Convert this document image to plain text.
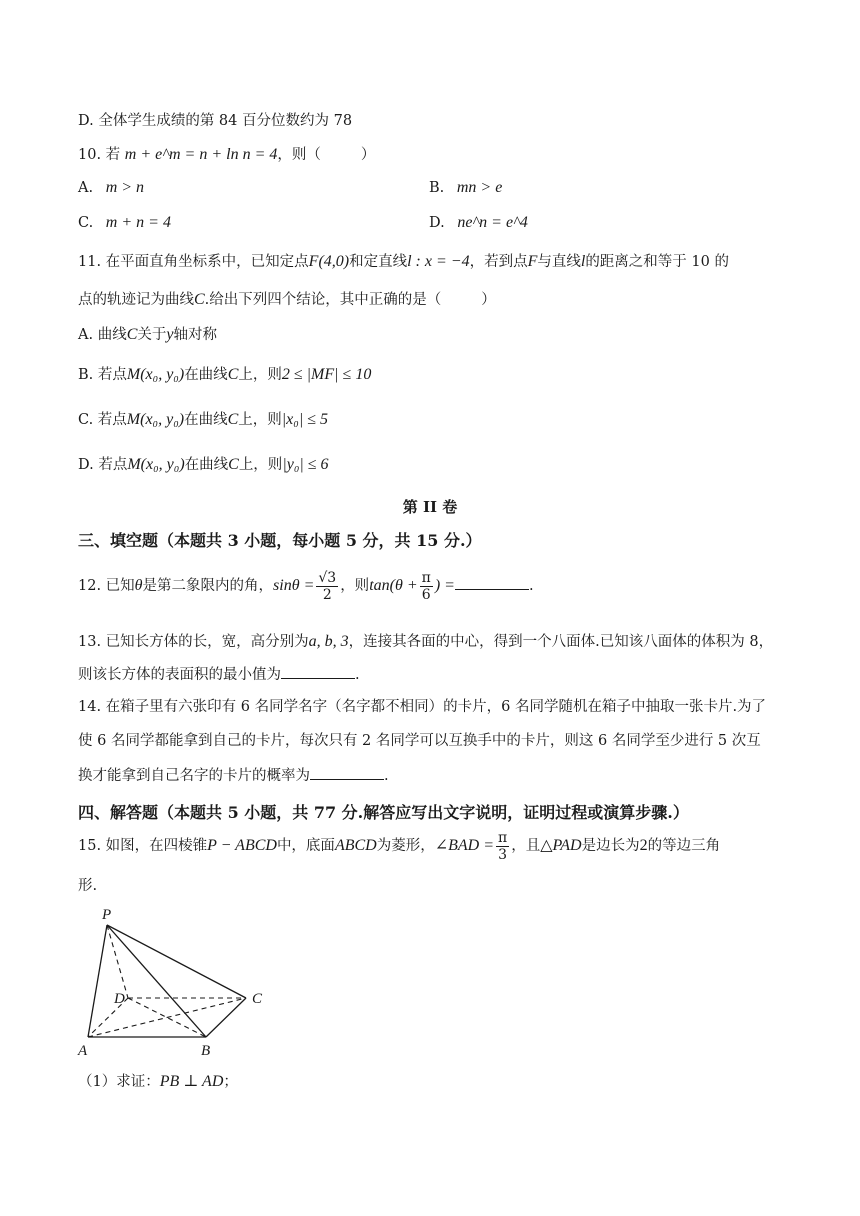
D. 全体学生成绩的第 84 百分位数约为 78
10. 若 m + e^m = n + ln n = 4，则（	）
A. m > n	B. mn > e
C. m + n = 4	D. ne^n = e^4
11. 在平面直角坐标系中，已知定点F(4,0)和定直线l : x = −4，若到点F与直线l的距离之和等于 10 的
点的轨迹记为曲线C.给出下列四个结论，其中正确的是（	）
A. 曲线C关于y轴对称
B. 若点M(x₀, y₀)在曲线C上，则2 ≤ |MF| ≤ 10
C. 若点M(x₀, y₀)在曲线C上，则|x₀| ≤ 5
D. 若点M(x₀, y₀)在曲线C上，则|y₀| ≤ 6
第 II 卷
三、填空题（本题共 3 小题，每小题 5 分，共 15 分.）
12. 已知θ是第二象限内的角，$\sin\theta = \frac{√3}{2}$ ，则$\tan(\theta + \frac{\pi}{6}$ ) =	.
13. 已知长方体的长，宽，高分别为a, b, 3，连接其各面的中心，得到一个八面体.已知该八面体的体积为 8，
则该长方体的表面积的最小值为	.
14. 在箱子里有六张印有 6 名同学名字（名字都不相同）的卡片，6 名同学随机在箱子中抽取一张卡片.为了
使 6 名同学都能拿到自己的卡片，每次只有 2 名同学可以互换手中的卡片，则这 6 名同学至少进行 5 次互
换才能拿到自己名字的卡片的概率为	.
四、解答题（本题共 5 小题，共 77 分.解答应写出文字说明，证明过程或演算步骤.）
15. 如图，在四棱锥P − ABCD中，底面ABCD为菱形，∠BAD = $\frac{\pi}{3}$ ，且△PAD是边长为2的等边三角
形.
P
D	C
A	B
（1）求证：PB ⊥ AD；
